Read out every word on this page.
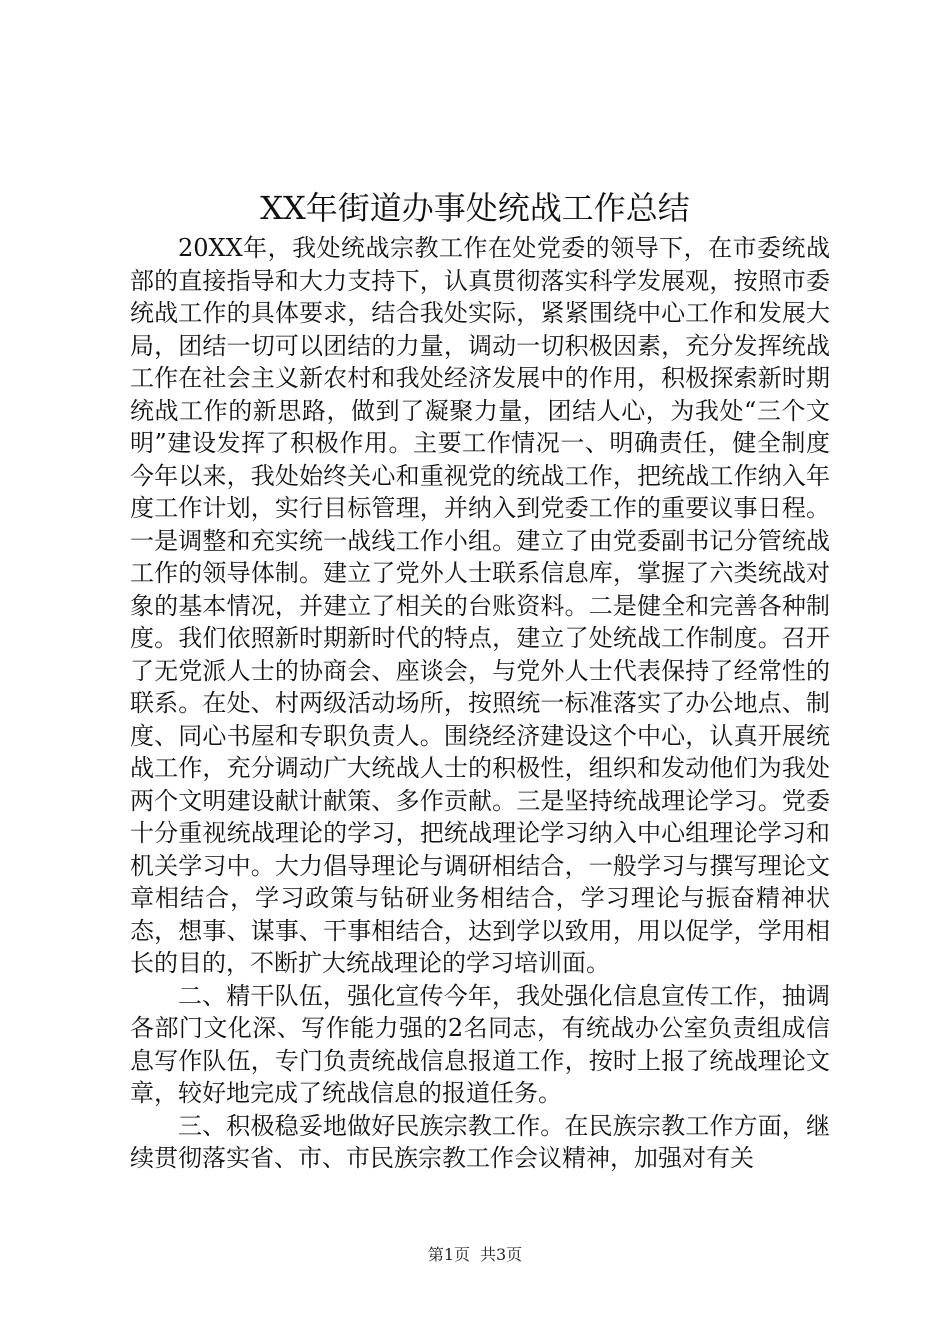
XX年街道办事处统战工作总结

20XX年，我处统战宗教工作在处党委的领导下，在市委统战部的直接指导和大力支持下，认真贯彻落实科学发展观，按照市委统战工作的具体要求，结合我处实际，紧紧围绕中心工作和发展大局，团结一切可以团结的力量，调动一切积极因素，充分发挥统战工作在社会主义新农村和我处经济发展中的作用，积极探索新时期统战工作的新思路，做到了凝聚力量，团结人心，为我处“三个文明”建设发挥了积极作用。主要工作情况一、明确责任，健全制度今年以来，我处始终关心和重视党的统战工作，把统战工作纳入年度工作计划，实行目标管理，并纳入到党委工作的重要议事日程。一是调整和充实统一战线工作小组。建立了由党委副书记分管统战工作的领导体制。建立了党外人士联系信息库，掌握了六类统战对象的基本情况，并建立了相关的台账资料。二是健全和完善各种制度。我们依照新时期新时代的特点，建立了处统战工作制度。召开了无党派人士的协商会、座谈会，与党外人士代表保持了经常性的联系。在处、村两级活动场所，按照统一标准落实了办公地点、制度、同心书屋和专职负责人。围绕经济建设这个中心，认真开展统战工作，充分调动广大统战人士的积极性，组织和发动他们为我处两个文明建设献计献策、多作贡献。三是坚持统战理论学习。党委十分重视统战理论的学习，把统战理论学习纳入中心组理论学习和机关学习中。大力倡导理论与调研相结合，一般学习与撰写理论文章相结合，学习政策与钻研业务相结合，学习理论与振奋精神状态，想事、谋事、干事相结合，达到学以致用，用以促学，学用相长的目的，不断扩大统战理论的学习培训面。

二、精干队伍，强化宣传今年，我处强化信息宣传工作，抽调各部门文化深、写作能力强的2名同志，有统战办公室负责组成信息写作队伍，专门负责统战信息报道工作，按时上报了统战理论文章，较好地完成了统战信息的报道任务。

三、积极稳妥地做好民族宗教工作。在民族宗教工作方面，继续贯彻落实省、市、市民族宗教工作会议精神，加强对有关

第1页 共3页
